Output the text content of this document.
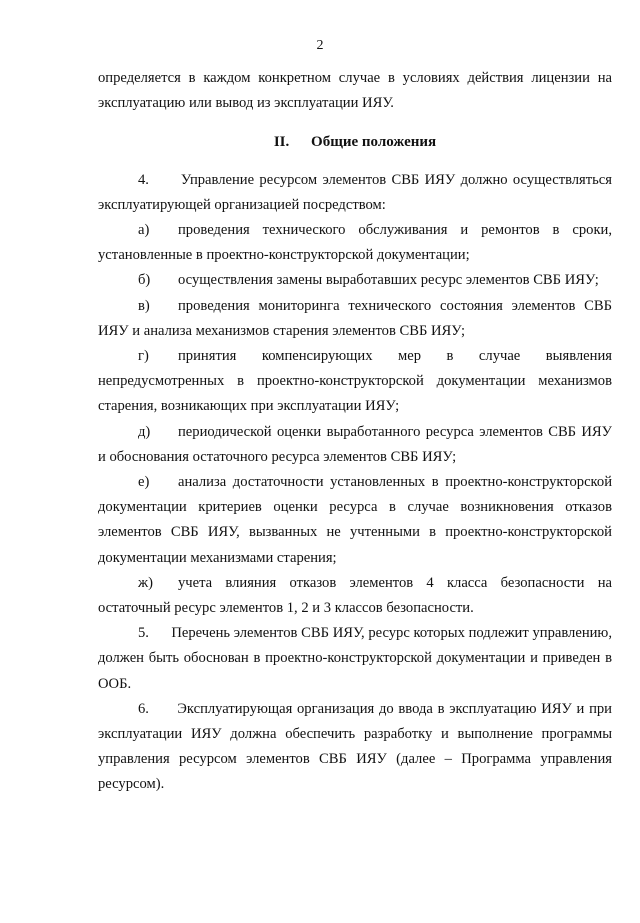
2

определяется в каждом конкретном случае в условиях действия лицензии на эксплуатацию или вывод из эксплуатации ИЯУ.

II. Общие положения

4.      Управление ресурсом элементов СВБ ИЯУ должно осуществляться эксплуатирующей организацией посредством:

а) проведения технического обслуживания и ремонтов в сроки, установленные в проектно-конструкторской документации;

б) осуществления замены выработавших ресурс элементов СВБ ИЯУ;

в) проведения мониторинга технического состояния элементов СВБ ИЯУ и анализа механизмов старения элементов СВБ ИЯУ;

г) принятия компенсирующих мер в случае выявления непредусмотренных в проектно-конструкторской документации механизмов старения, возникающих при эксплуатации ИЯУ;

д) периодической оценки выработанного ресурса элементов СВБ ИЯУ и обоснования остаточного ресурса элементов СВБ ИЯУ;

е) анализа достаточности установленных в проектно-конструкторской документации критериев оценки ресурса в случае возникновения отказов элементов СВБ ИЯУ, вызванных не учтенными в проектно-конструкторской документации механизмами старения;

ж) учета влияния отказов элементов 4 класса безопасности на остаточный ресурс элементов 1, 2 и 3 классов безопасности.

5.      Перечень элементов СВБ ИЯУ, ресурс которых подлежит управлению, должен быть обоснован в проектно-конструкторской документации и приведен в ООБ.

6.      Эксплуатирующая организация до ввода в эксплуатацию ИЯУ и при эксплуатации ИЯУ должна обеспечить разработку и выполнение программы управления ресурсом элементов СВБ ИЯУ (далее – Программа управления ресурсом).
